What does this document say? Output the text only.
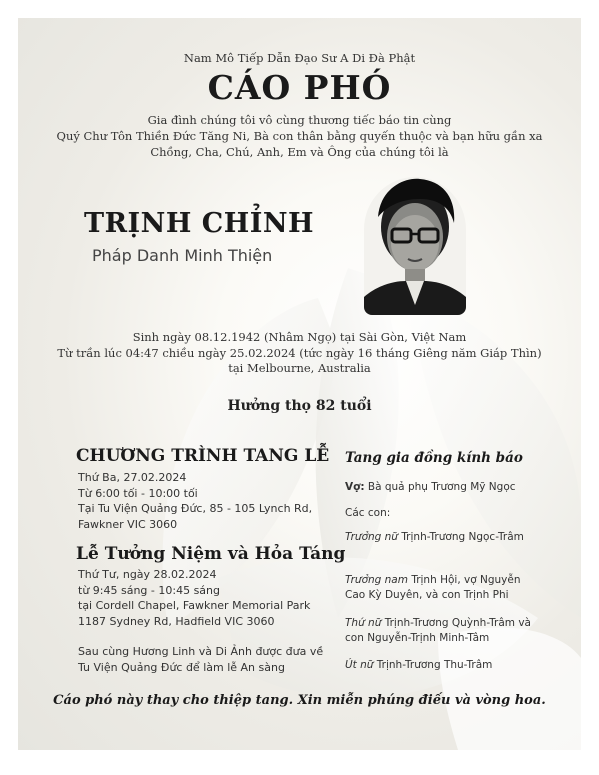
Nam Mô Tiếp Dẫn Đạo Sư A Di Đà Phật
CÁO PHÓ
Gia đình chúng tôi vô cùng thương tiếc báo tin cùng
Quý Chư Tôn Thiền Đức Tăng Ni, Bà con thân bằng quyến thuộc và bạn hữu gần xa
Chồng, Cha, Chú, Anh, Em và Ông của chúng tôi là
TRỊNH CHỈNH
Pháp Danh Minh Thiện
Sinh ngày 08.12.1942 (Nhâm Ngọ) tại Sài Gòn, Việt Nam
Từ trần lúc 04:47 chiều ngày 25.02.2024 (tức ngày 16 tháng Giêng năm Giáp Thìn)
tại Melbourne, Australia
Hưởng thọ 82 tuổi
CHƯƠNG TRÌNH TANG LỄ
Thứ Ba, 27.02.2024
Từ 6:00 tối - 10:00 tối
Tại Tu Viện Quảng Đức, 85 - 105 Lynch Rd,
Fawkner VIC 3060
Lễ Tưởng Niệm và Hỏa Táng
Thứ Tư, ngày 28.02.2024
từ 9:45 sáng - 10:45 sáng
tại Cordell Chapel, Fawkner Memorial Park
1187 Sydney Rd, Hadfield VIC 3060
Sau cùng Hương Linh và Di Ảnh được đưa về
Tu Viện Quảng Đức để làm lễ An sàng
Tang gia đồng kính báo
Vợ: Bà quả phụ Trương Mỹ Ngọc
Các con:
Trưởng nữ Trịnh-Trương Ngọc-Trâm
Trưởng nam Trịnh Hội, vợ Nguyễn Cao Kỳ Duyên, và con Trịnh Phi
Thứ nữ Trịnh-Trương Quỳnh-Trâm và con Nguyễn-Trịnh Minh-Tâm
Út nữ Trịnh-Trương Thu-Trâm
Cáo phó này thay cho thiệp tang. Xin miễn phúng điếu và vòng hoa.
